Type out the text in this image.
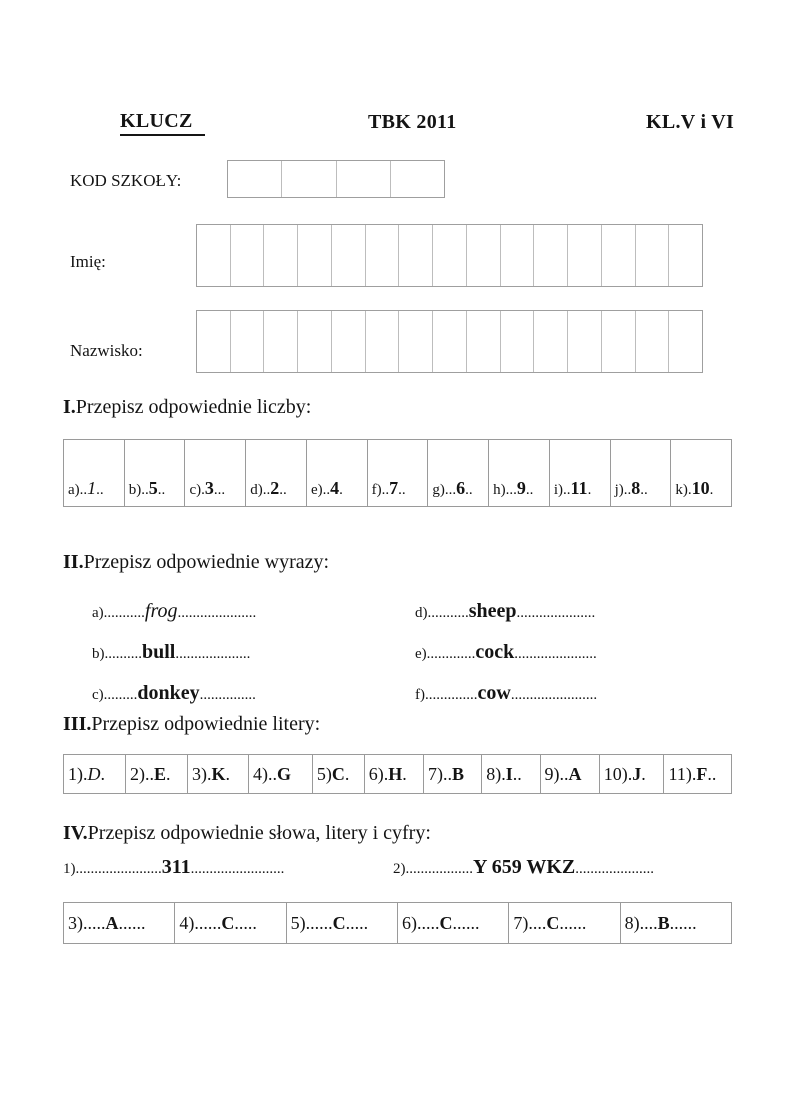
KLUCZ	TBK 2011	KL.V i VI
KOD SZKOŁY:
Imię:
Nazwisko:
I.Przepisz odpowiednie liczby:
a)..1.. b)..5.. c).3... d)..2.. e)..4. f)..7.. g)...6.. h)...9.. i)..11. j)..8.. k).10.
II.Przepisz odpowiednie wyrazy:
a)...........frog.....................
b)..........bull....................
c).........donkey...............
d)...........sheep.....................
e).............cock......................
f)..............cow.......................
III.Przepisz odpowiednie litery:
1) . D . 2) .. E . 3) . K . 4) .. G 5) C . 6) . H . 7) .. B 8) . I .. 9) .. A 10) . J . 11) . F ..
IV.Przepisz odpowiednie słowa, litery i cyfry:
1).......................311.........................	2)..................Y 659 WKZ.....................
3) ..... A ...... 4) ...... C ..... 5) ...... C ..... 6) ..... C ...... 7) .... C ...... 8) .... B ......
